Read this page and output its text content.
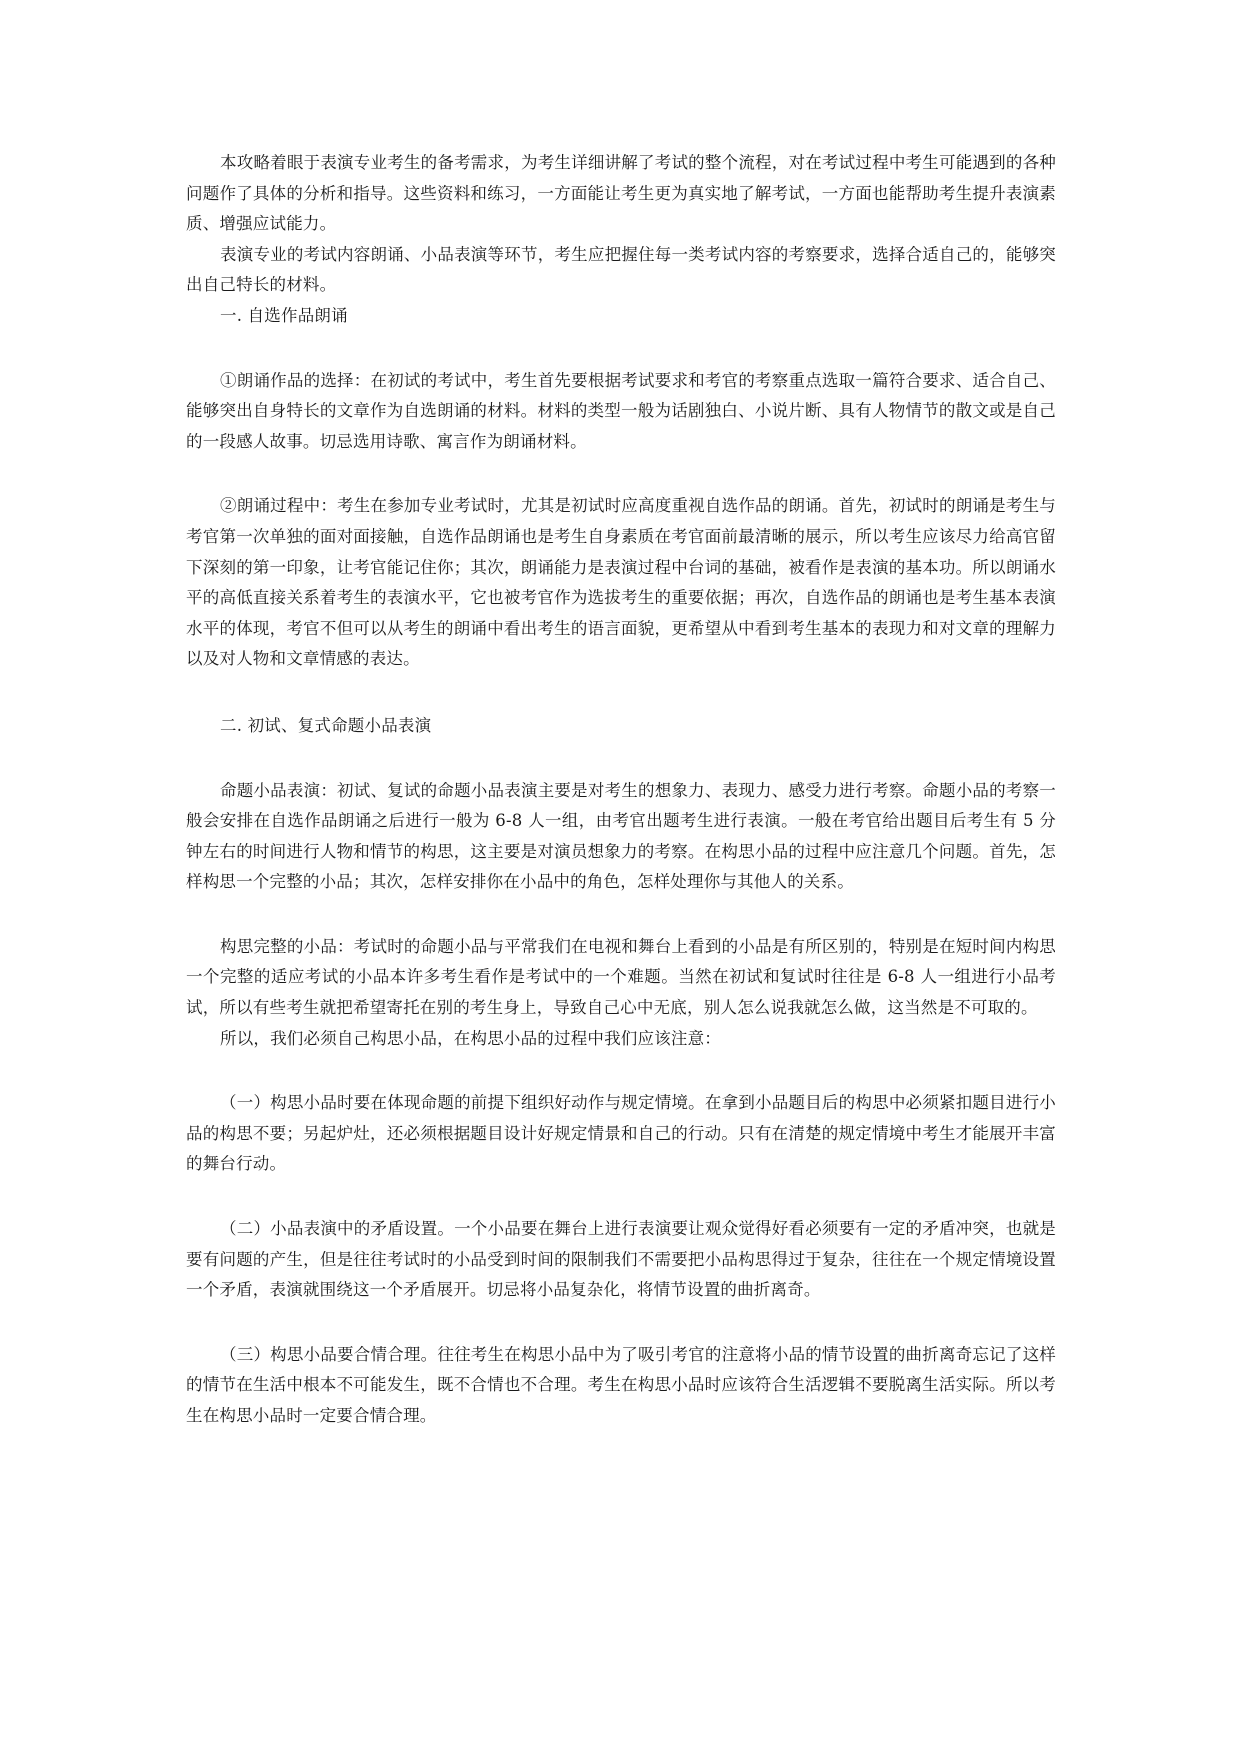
本攻略着眼于表演专业考生的备考需求，为考生详细讲解了考试的整个流程，对在考试过程中考生可能遇到的各种问题作了具体的分析和指导。这些资料和练习，一方面能让考生更为真实地了解考试，一方面也能帮助考生提升表演素质、增强应试能力。

表演专业的考试内容朗诵、小品表演等环节，考生应把握住每一类考试内容的考察要求，选择合适自己的，能够突出自己特长的材料。

一. 自选作品朗诵

①朗诵作品的选择：在初试的考试中，考生首先要根据考试要求和考官的考察重点选取一篇符合要求、适合自己、能够突出自身特长的文章作为自选朗诵的材料。材料的类型一般为话剧独白、小说片断、具有人物情节的散文或是自己的一段感人故事。切忌选用诗歌、寓言作为朗诵材料。

②朗诵过程中：考生在参加专业考试时，尤其是初试时应高度重视自选作品的朗诵。首先，初试时的朗诵是考生与考官第一次单独的面对面接触，自选作品朗诵也是考生自身素质在考官面前最清晰的展示，所以考生应该尽力给高官留下深刻的第一印象，让考官能记住你；其次，朗诵能力是表演过程中台词的基础，被看作是表演的基本功。所以朗诵水平的高低直接关系着考生的表演水平，它也被考官作为选拔考生的重要依据；再次，自选作品的朗诵也是考生基本表演水平的体现，考官不但可以从考生的朗诵中看出考生的语言面貌，更希望从中看到考生基本的表现力和对文章的理解力以及对人物和文章情感的表达。

二. 初试、复式命题小品表演

命题小品表演：初试、复试的命题小品表演主要是对考生的想象力、表现力、感受力进行考察。命题小品的考察一般会安排在自选作品朗诵之后进行一般为 6-8 人一组，由考官出题考生进行表演。一般在考官给出题目后考生有 5 分钟左右的时间进行人物和情节的构思，这主要是对演员想象力的考察。在构思小品的过程中应注意几个问题。首先，怎样构思一个完整的小品；其次，怎样安排你在小品中的角色，怎样处理你与其他人的关系。

构思完整的小品：考试时的命题小品与平常我们在电视和舞台上看到的小品是有所区别的，特别是在短时间内构思一个完整的适应考试的小品本许多考生看作是考试中的一个难题。当然在初试和复试时往往是 6-8 人一组进行小品考试，所以有些考生就把希望寄托在别的考生身上，导致自己心中无底，别人怎么说我就怎么做，这当然是不可取的。

所以，我们必须自己构思小品，在构思小品的过程中我们应该注意：

（一）构思小品时要在体现命题的前提下组织好动作与规定情境。在拿到小品题目后的构思中必须紧扣题目进行小品的构思不要；另起炉灶，还必须根据题目设计好规定情景和自己的行动。只有在清楚的规定情境中考生才能展开丰富的舞台行动。

（二）小品表演中的矛盾设置。一个小品要在舞台上进行表演要让观众觉得好看必须要有一定的矛盾冲突，也就是要有问题的产生，但是往往考试时的小品受到时间的限制我们不需要把小品构思得过于复杂，往往在一个规定情境设置一个矛盾，表演就围绕这一个矛盾展开。切忌将小品复杂化，将情节设置的曲折离奇。

（三）构思小品要合情合理。往往考生在构思小品中为了吸引考官的注意将小品的情节设置的曲折离奇忘记了这样的情节在生活中根本不可能发生，既不合情也不合理。考生在构思小品时应该符合生活逻辑不要脱离生活实际。所以考生在构思小品时一定要合情合理。
